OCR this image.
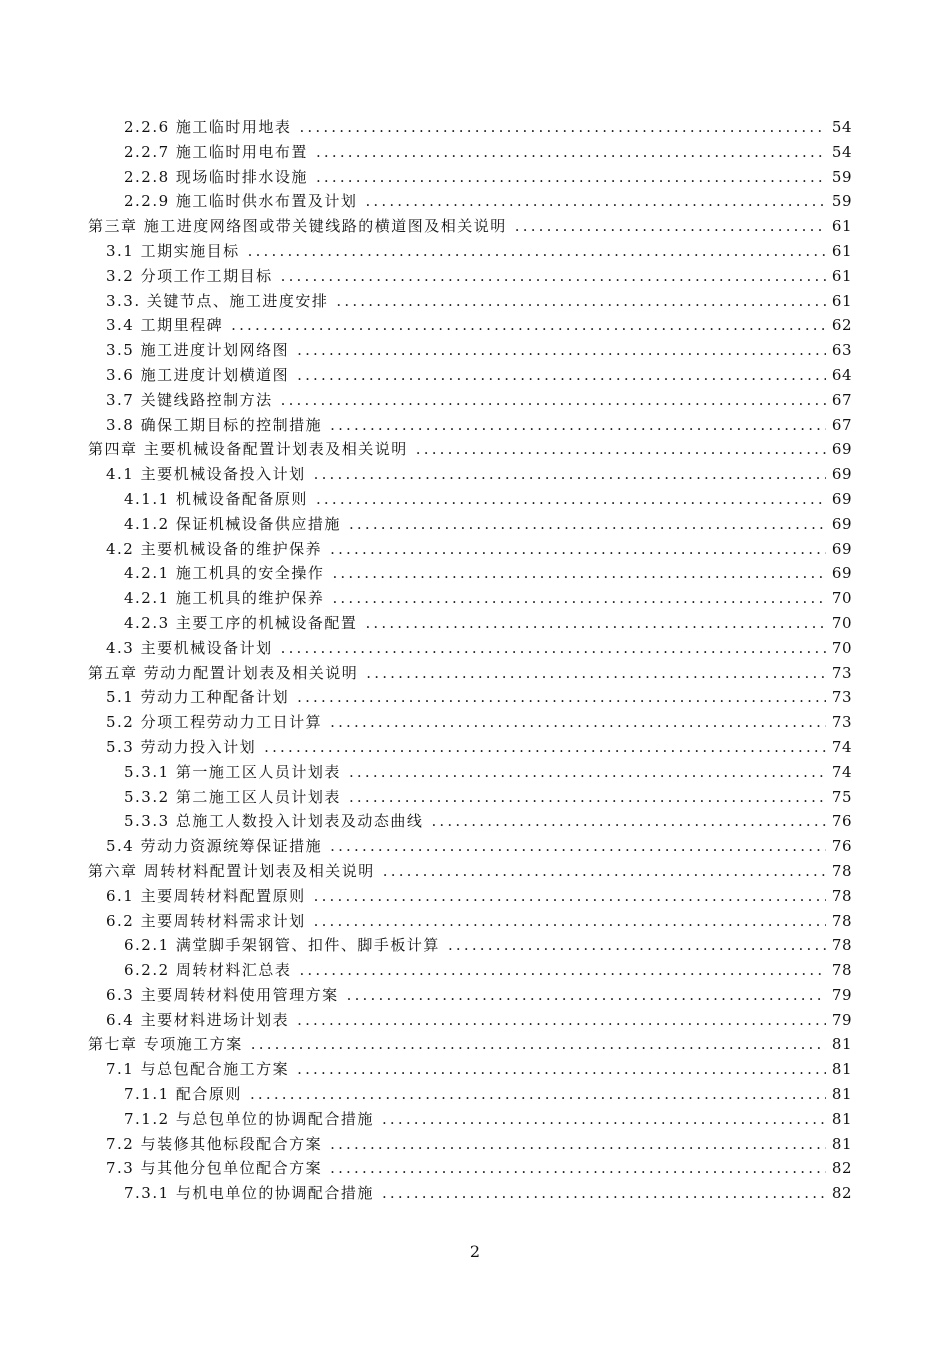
2.2.6 施工临时用地表 .....	54
2.2.7 施工临时用电布置 .....	54
2.2.8 现场临时排水设施 .....	59
2.2.9 施工临时供水布置及计划 .....	59
第三章 施工进度网络图或带关键线路的横道图及相关说明 .....	61
3.1 工期实施目标 .....	61
3.2 分项工作工期目标 .....	61
3.3. 关键节点、施工进度安排 .....	61
3.4 工期里程碑 .....	62
3.5 施工进度计划网络图 .....	63
3.6 施工进度计划横道图 .....	64
3.7 关键线路控制方法 .....	67
3.8 确保工期目标的控制措施 .....	67
第四章 主要机械设备配置计划表及相关说明 .....	69
4.1 主要机械设备投入计划 .....	69
4.1.1 机械设备配备原则 .....	69
4.1.2 保证机械设备供应措施 .....	69
4.2 主要机械设备的维护保养 .....	69
4.2.1 施工机具的安全操作 .....	69
4.2.1 施工机具的维护保养 .....	70
4.2.3 主要工序的机械设备配置 .....	70
4.3 主要机械设备计划 .....	70
第五章 劳动力配置计划表及相关说明 .....	73
5.1 劳动力工种配备计划 .....	73
5.2 分项工程劳动力工日计算 .....	73
5.3 劳动力投入计划 .....	74
5.3.1 第一施工区人员计划表 .....	74
5.3.2 第二施工区人员计划表 .....	75
5.3.3 总施工人数投入计划表及动态曲线 .....	76
5.4 劳动力资源统筹保证措施 .....	76
第六章 周转材料配置计划表及相关说明 .....	78
6.1 主要周转材料配置原则 .....	78
6.2 主要周转材料需求计划 .....	78
6.2.1 满堂脚手架钢管、扣件、脚手板计算 .....	78
6.2.2 周转材料汇总表 .....	78
6.3 主要周转材料使用管理方案 .....	79
6.4 主要材料进场计划表 .....	79
第七章 专项施工方案 .....	81
7.1 与总包配合施工方案 .....	81
7.1.1 配合原则 .....	81
7.1.2 与总包单位的协调配合措施 .....	81
7.2 与装修其他标段配合方案 .....	81
7.3 与其他分包单位配合方案 .....	82
7.3.1 与机电单位的协调配合措施 .....	82
2
